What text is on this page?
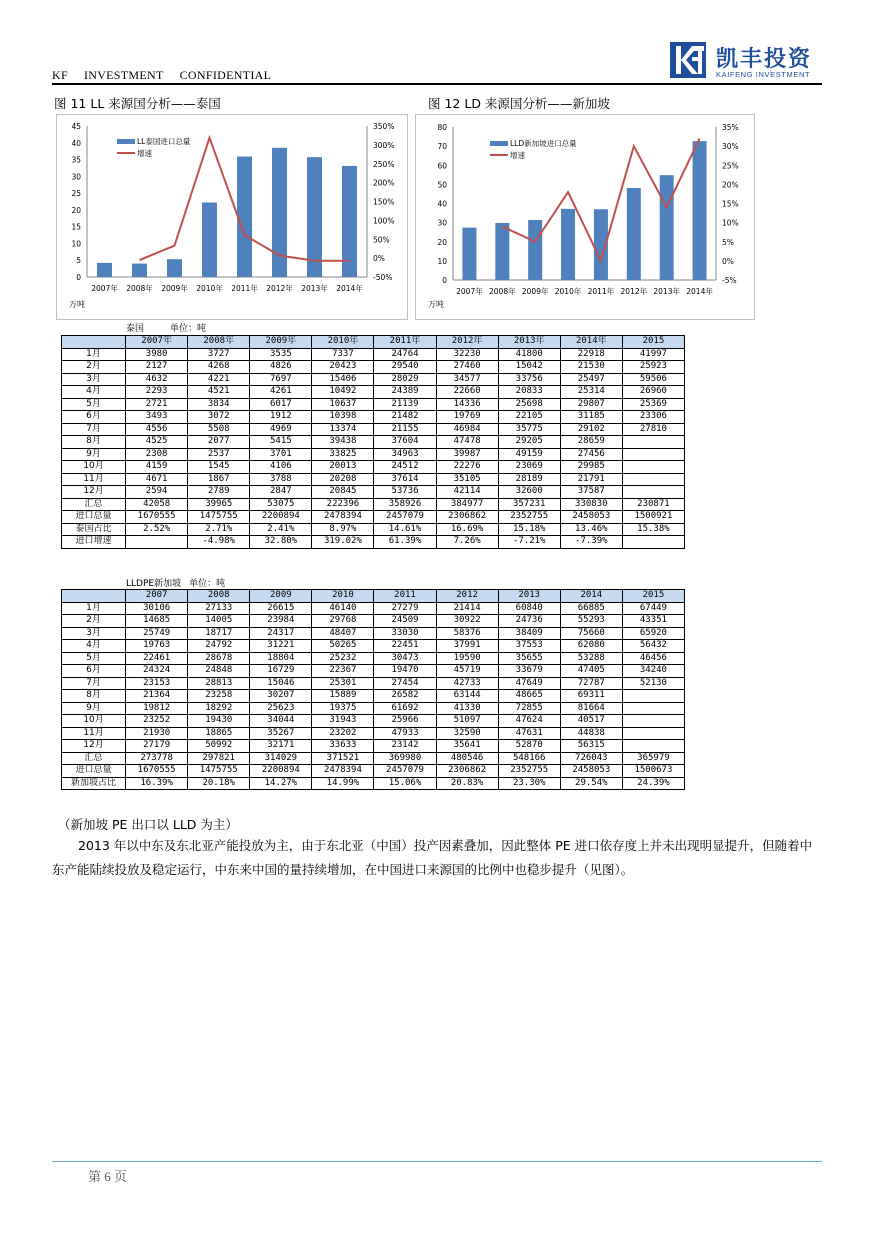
KF INVESTMENT CONFIDENTIAL
凯丰投资
KAIFENG INVESTMENT
图 11 LL 来源国分析——泰国	图 12 LD 来源国分析——新加坡
0
5
10
15
20
25
30
35
40
45
-50%
0%
50%
100%
150%
200%
250%
300%
350%
2007年 2008年 2009年 2010年 2011年 2012年 2013年 2014年
LL泰国进口总量
增速
万吨
0
10
20
30
40
50
60
70
80
-5%
0%
5%
10%
15%
20%
25%
30%
35%
2007年 2008年 2009年 2010年 2011年 2012年 2013年 2014年
LLD新加坡进口总量
增速
万吨
泰国	单位：吨
	2007年	2008年	2009年	2010年	2011年	2012年	2013年	2014年	2015
1月	3980	3727	3535	7337	24764	32230	41800	22918	41997
2月	2127	4268	4826	20423	29540	27460	15042	21530	25923
3月	4632	4221	7697	15406	28029	34577	33756	25497	59506
4月	2293	4521	4261	10492	24389	22660	20833	25314	26960
5月	2721	3834	6017	10637	21139	14336	25698	29807	25369
6月	3493	3072	1912	10398	21482	19769	22105	31185	23306
7月	4556	5508	4969	13374	21155	46984	35775	29102	27810
8月	4525	2077	5415	39438	37604	47478	29205	28659	
9月	2308	2537	3701	33825	34963	39987	49159	27456	
10月	4159	1545	4106	20013	24512	22276	23069	29985	
11月	4671	1867	3788	20208	37614	35105	28189	21791	
12月	2594	2789	2847	20845	53736	42114	32600	37587	
汇总	42058	39965	53075	222396	358926	384977	357231	330830	230871
进口总量	1670555	1475755	2200894	2478394	2457079	2306862	2352755	2458053	1500921
泰国占比	2.52%	2.71%	2.41%	8.97%	14.61%	16.69%	15.18%	13.46%	15.38%
进口增速		-4.98%	32.80%	319.02%	61.39%	7.26%	-7.21%	-7.39%	
LLDPE新加坡 单位：吨
	2007	2008	2009	2010	2011	2012	2013	2014	2015
1月	30106	27133	26615	46140	27279	21414	60840	66885	67449
2月	14685	14005	23984	29768	24509	30922	24736	55293	43351
3月	25749	18717	24317	48407	33030	58376	38409	75660	65920
4月	19763	24792	31221	50265	22451	37991	37553	62080	56432
5月	22461	28678	18804	25232	30473	19590	35655	53288	46456
6月	24324	24848	16729	22367	19470	45719	33679	47405	34240
7月	23153	28813	15046	25301	27454	42733	47649	72787	52130
8月	21364	23258	30207	15889	26582	63144	48665	69311	
9月	19812	18292	25623	19375	61692	41330	72855	81664	
10月	23252	19430	34044	31943	25966	51097	47624	40517	
11月	21930	18865	35267	23202	47933	32590	47631	44838	
12月	27179	50992	32171	33633	23142	35641	52870	56315	
汇总	273778	297821	314029	371521	369980	480546	548166	726043	365979
进口总量	1670555	1475755	2200894	2478394	2457079	2306862	2352755	2458053	1500673
新加坡占比	16.39%	20.18%	14.27%	14.99%	15.06%	20.83%	23.30%	29.54%	24.39%
（新加坡 PE 出口以 LLD 为主）
2013 年以中东及东北亚产能投放为主，由于东北亚（中国）投产因素叠加，因此整体 PE 进口依存度上并未出现明显提升，但随着中东产能陆续投放及稳定运行，中东来中国的量持续增加，在中国进口来源国的比例中也稳步提升（见图）。
第 6 页
